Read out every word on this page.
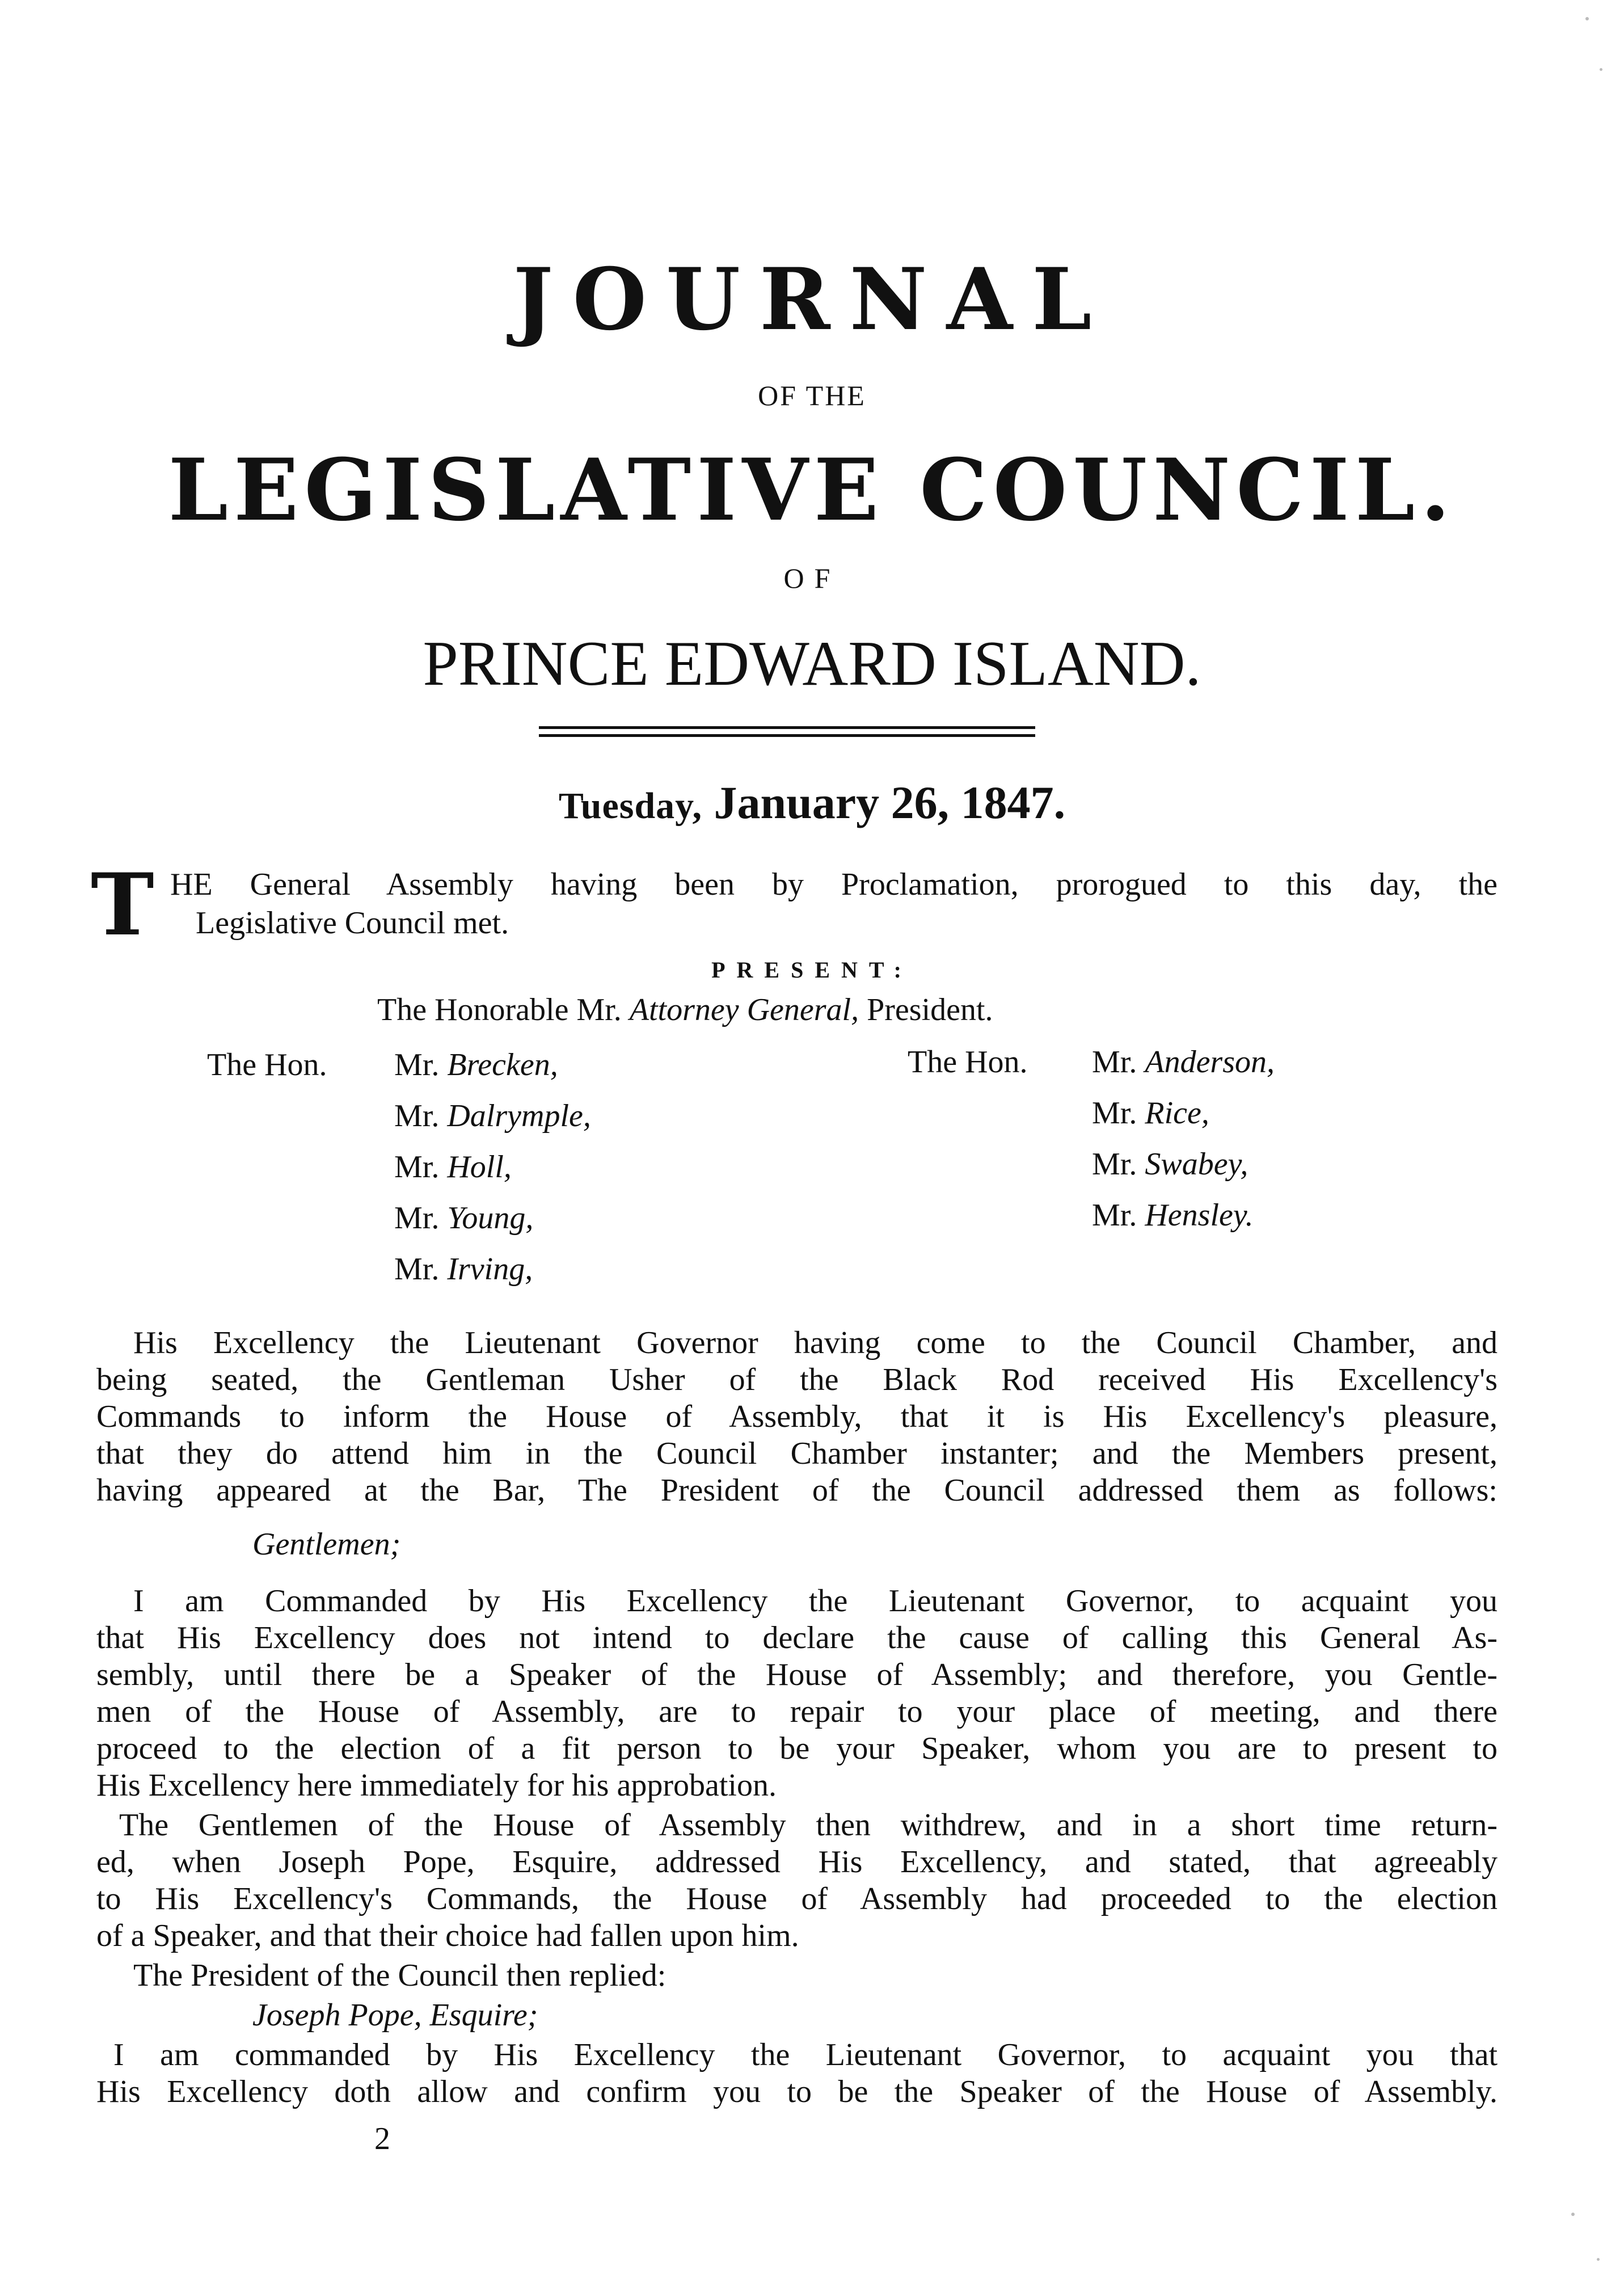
JOURNAL
OF THE
LEGISLATIVE COUNCIL.
OF
PRINCE EDWARD ISLAND.
Tuesday, January 26, 1847.
T HE General Assembly having been by Proclamation, prorogued to this day, the
Legislative Council met.
PRESENT:
The Honorable Mr. Attorney General, President.
The Hon.	The Hon.
Mr. Brecken,
Mr. Dalrymple,
Mr. Holl,
Mr. Young,
Mr. Irving,
Mr. Anderson,
Mr. Rice,
Mr. Swabey,
Mr. Hensley.
His Excellency the Lieutenant Governor having come to the Council Chamber, and
being seated, the Gentleman Usher of the Black Rod received His Excellency's
Commands to inform the House of Assembly, that it is His Excellency's pleasure,
that they do attend him in the Council Chamber instanter; and the Members present,
having appeared at the Bar, The President of the Council addressed them as follows:
Gentlemen;
I am Commanded by His Excellency the Lieutenant Governor, to acquaint you
that His Excellency does not intend to declare the cause of calling this General As-
sembly, until there be a Speaker of the House of Assembly; and therefore, you Gentle-
men of the House of Assembly, are to repair to your place of meeting, and there
proceed to the election of a fit person to be your Speaker, whom you are to present to
His Excellency here immediately for his approbation.
The Gentlemen of the House of Assembly then withdrew, and in a short time return-
ed, when Joseph Pope, Esquire, addressed His Excellency, and stated, that agreeably
to His Excellency's Commands, the House of Assembly had proceeded to the election
of a Speaker, and that their choice had fallen upon him.
The President of the Council then replied:
Joseph Pope, Esquire;
I am commanded by His Excellency the Lieutenant Governor, to acquaint you that
His Excellency doth allow and confirm you to be the Speaker of the House of Assembly.
2
